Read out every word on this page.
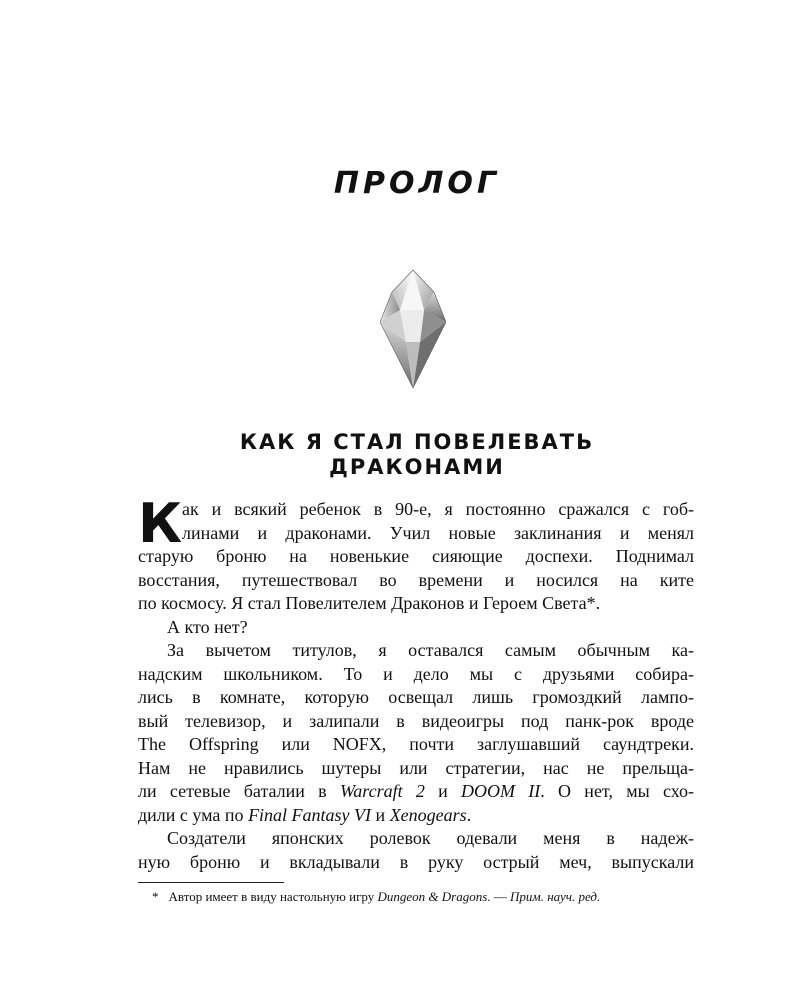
ПРОЛОГ
КАК Я СТАЛ ПОВЕЛЕВАТЬ
ДРАКОНАМИ
К ак и всякий ребенок в 90-е, я постоянно сражался с гоб-
линами и драконами. Учил новые заклинания и менял
старую броню на новенькие сияющие доспехи. Поднимал
восстания, путешествовал во времени и носился на ките
по космосу. Я стал Повелителем Драконов и Героем Света*.
А кто нет?
За вычетом титулов, я оставался самым обычным ка-
надским школьником. То и дело мы с друзьями собира-
лись в комнате, которую освещал лишь громоздкий лампо-
вый телевизор, и залипали в видеоигры под панк-рок вроде
The Offspring или NOFX, почти заглушавший саундтреки.
Нам не нравились шутеры или стратегии, нас не прельща-
ли сетевые баталии в Warcraft 2 и DOOM II. О нет, мы схо-
дили с ума по Final Fantasy VI и Xenogears.
Создатели японских ролевок одевали меня в надеж-
ную броню и вкладывали в руку острый меч, выпускали
* Автор имеет в виду настольную игру Dungeon & Dragons. — Прим. науч. ред.
